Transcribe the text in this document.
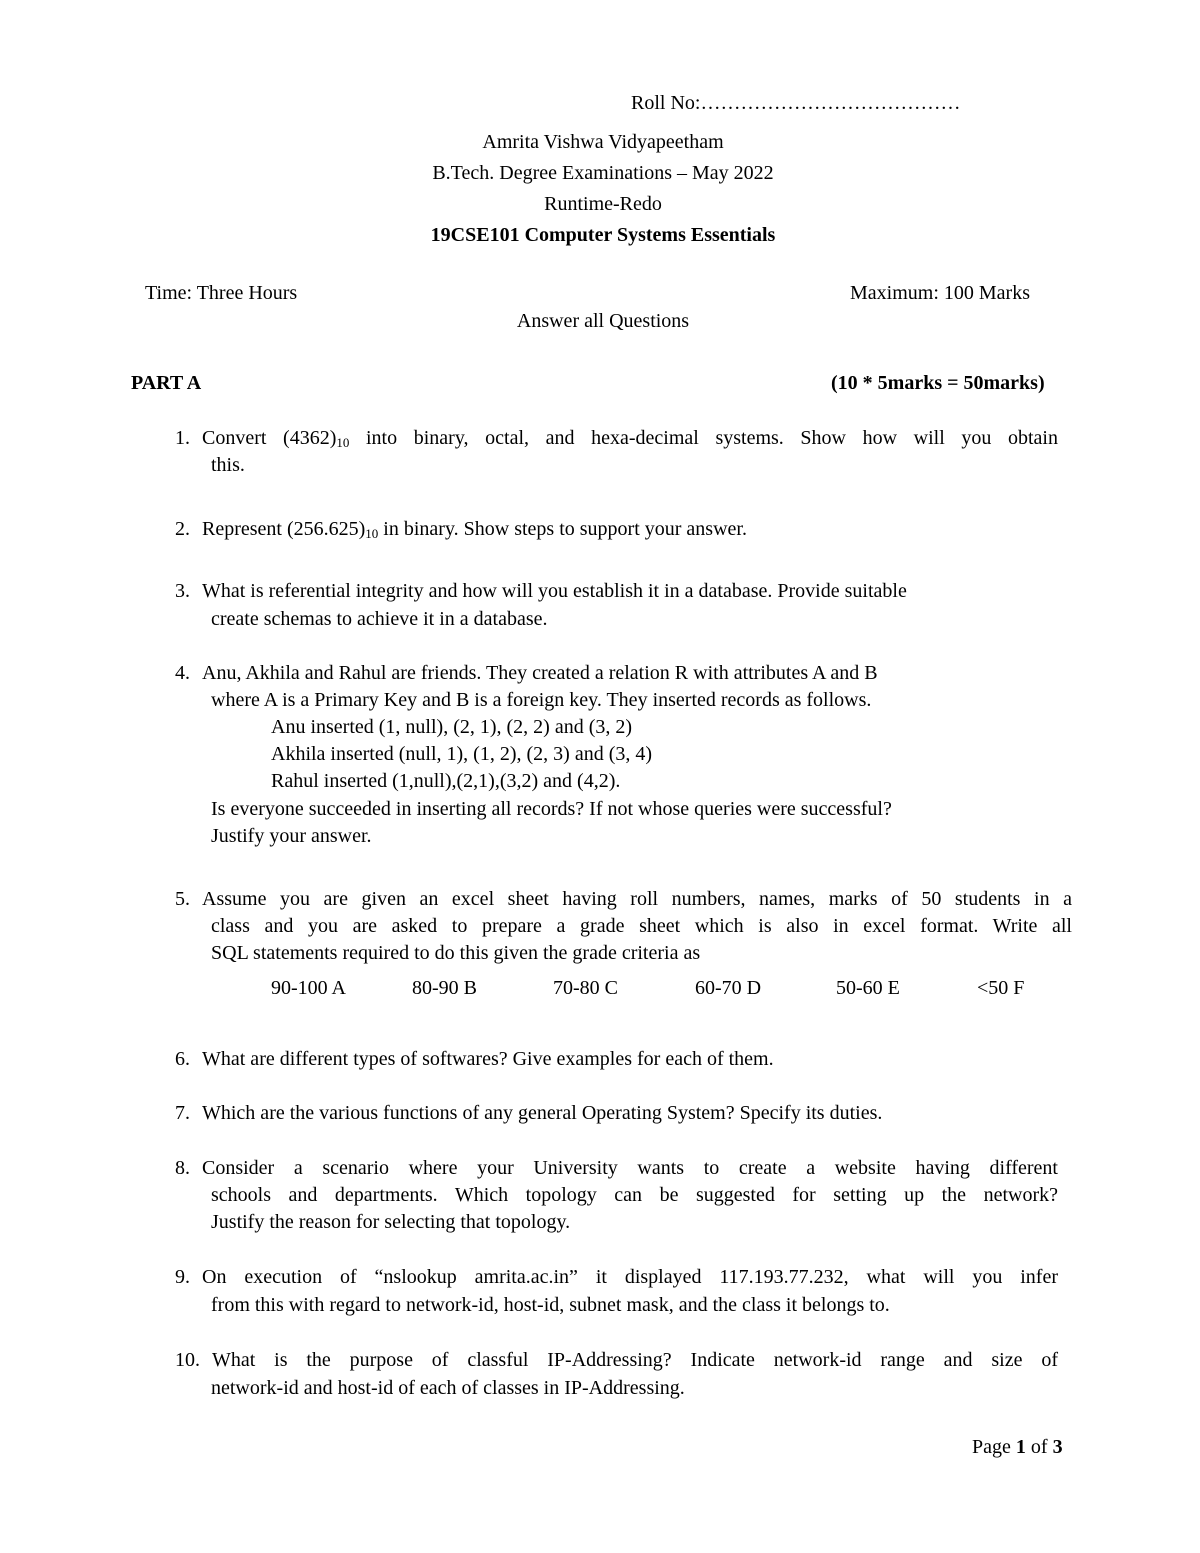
Roll No:…………………………………
Amrita Vishwa Vidyapeetham
B.Tech. Degree Examinations – May 2022
Runtime-Redo
19CSE101 Computer Systems Essentials
Time: Three Hours	Maximum: 100 Marks
Answer all Questions
PART A	(10 * 5marks = 50marks)
1. Convert $(4362)_{10}$ into binary, octal, and hexa-decimal systems. Show how will you obtain
this.
2. Represent $(256.625)_{10}$ in binary. Show steps to support your answer.
3. What is referential integrity and how will you establish it in a database. Provide suitable
create schemas to achieve it in a database.
4. Anu, Akhila and Rahul are friends. They created a relation R with attributes A and B
where A is a Primary Key and B is a foreign key. They inserted records as follows.
Anu inserted (1, null), (2, 1), (2, 2) and (3, 2)
Akhila inserted (null, 1), (1, 2), (2, 3) and (3, 4)
Rahul inserted (1,null),(2,1),(3,2) and (4,2).
Is everyone succeeded in inserting all records? If not whose queries were successful?
Justify your answer.
5. Assume you are given an excel sheet having roll numbers, names, marks of 50 students in a
class and you are asked to prepare a grade sheet which is also in excel format. Write all
SQL statements required to do this given the grade criteria as
90-100 A	80-90 B	70-80 C	60-70 D	50-60 E	<50 F
6. What are different types of softwares? Give examples for each of them.
7. Which are the various functions of any general Operating System? Specify its duties.
8. Consider a scenario where your University wants to create a website having different
schools and departments. Which topology can be suggested for setting up the network?
Justify the reason for selecting that topology.
9. On execution of “nslookup amrita.ac.in” it displayed 117.193.77.232, what will you infer
from this with regard to network-id, host-id, subnet mask, and the class it belongs to.
10. What is the purpose of classful IP-Addressing? Indicate network-id range and size of
network-id and host-id of each of classes in IP-Addressing.
Page 1 of 3
